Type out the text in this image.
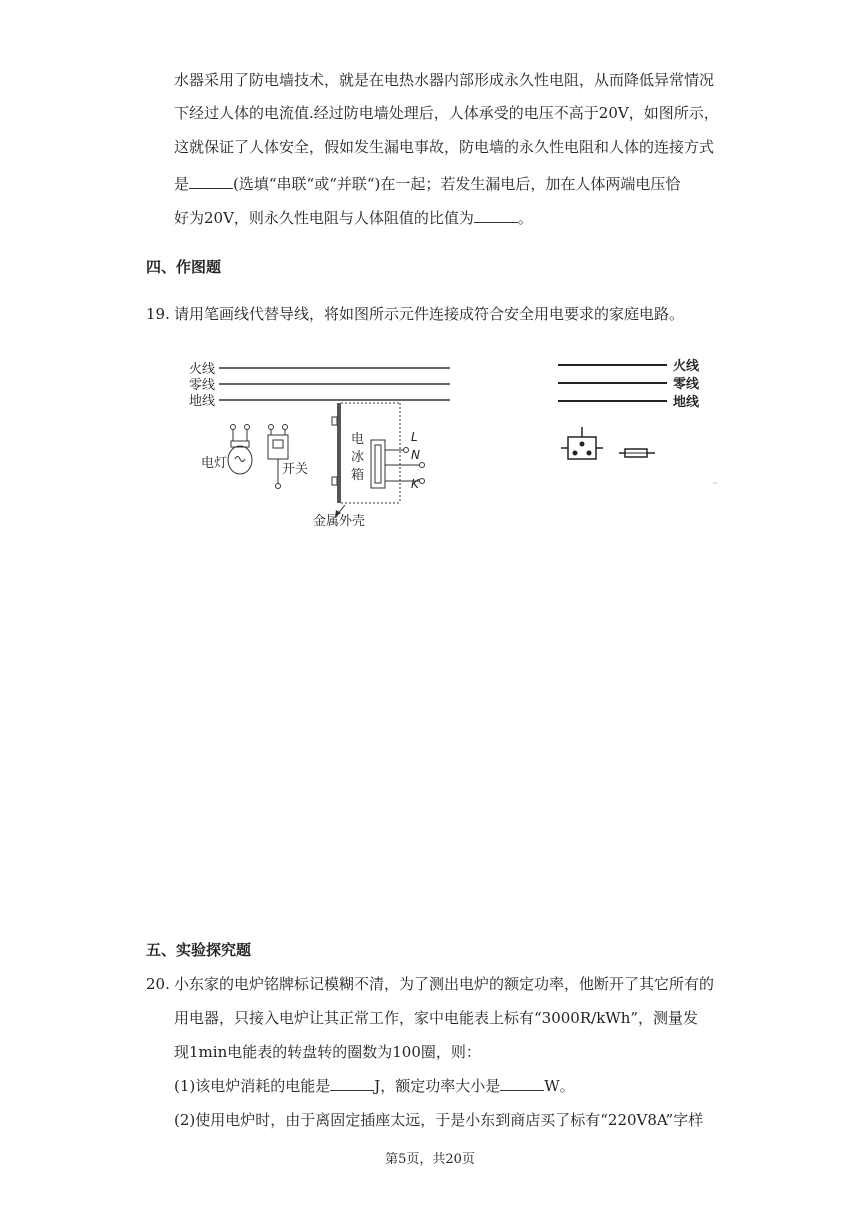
水器采用了防电墙技术，就是在电热水器内部形成永久性电阻，从而降低异常情况
下经过人体的电流值.经过防电墙处理后，人体承受的电压不高于20V，如图所示，
这就保证了人体安全，假如发生漏电事故，防电墙的永久性电阻和人体的连接方式
是	(选填“串联“或“并联“)在一起；若发生漏电后，加在人体两端电压恰
好为20V，则永久性电阻与人体阻值的比值为	。
四、作图题
19. 请用笔画线代替导线，将如图所示元件连接成符合安全用电要求的家庭电路。
火线
零线
地线
电灯	开关
电
冰
箱
L
N
K
金属外壳
火线
零线
地线
五、实验探究题
20. 小东家的电炉铭牌标记模糊不清，为了测出电炉的额定功率，他断开了其它所有的
用电器，只接入电炉让其正常工作，家中电能表上标有“3000R/kWh”，测量发
现1min电能表的转盘转的圈数为100圈，则：
(1)该电炉消耗的电能是	J，额定功率大小是	W。
(2)使用电炉时，由于离固定插座太远，于是小东到商店买了标有“220V8A”字样
第5页，共20页
